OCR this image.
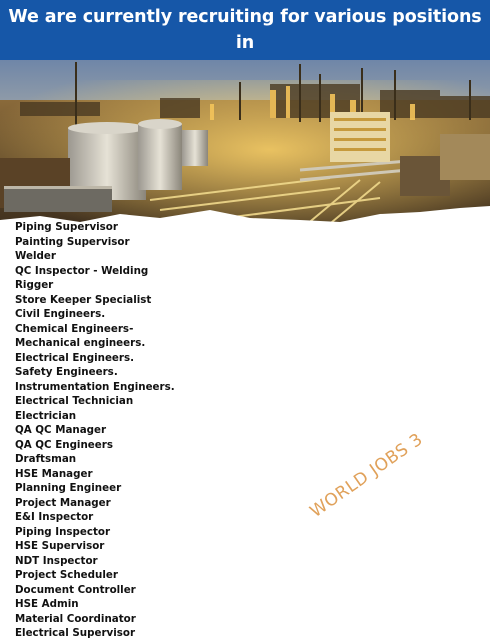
We are currently recruiting for various positions in
Piping Supervisor
Painting Supervisor
Welder
QC Inspector - Welding
Rigger
Store Keeper Specialist
Civil Engineers.
Chemical Engineers-
Mechanical engineers.
Electrical Engineers.
Safety Engineers.
Instrumentation Engineers.
Electrical Technician
Electrician
QA QC Manager
QA QC Engineers
Draftsman
HSE Manager
Planning Engineer
Project Manager
E&I Inspector
Piping Inspector
HSE Supervisor
NDT Inspector
Project Scheduler
Document Controller
HSE Admin
Material Coordinator
Electrical Supervisor
WORLD JOBS 3
